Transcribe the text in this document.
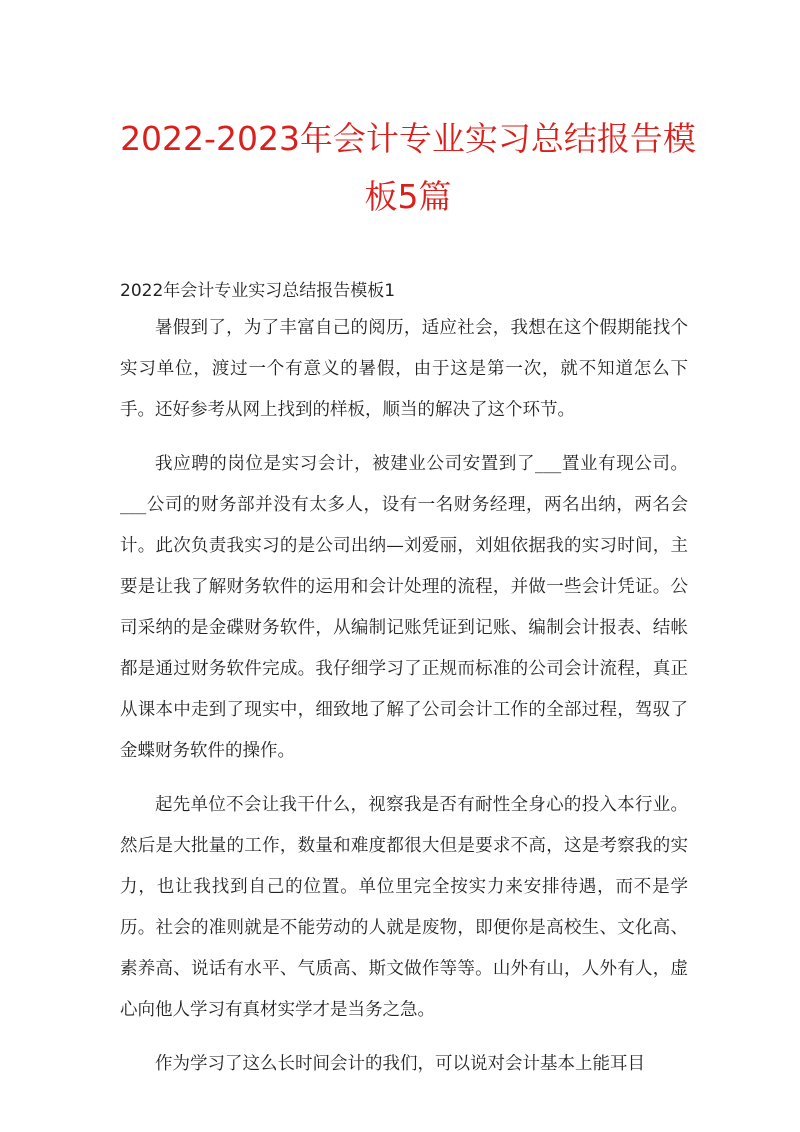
2022-2023年会计专业实习总结报告模板5篇
2022年会计专业实习总结报告模板1

暑假到了，为了丰富自己的阅历，适应社会，我想在这个假期能找个实习单位，渡过一个有意义的暑假，由于这是第一次，就不知道怎么下手。还好参考从网上找到的样板，顺当的解决了这个环节。

我应聘的岗位是实习会计，被建业公司安置到了___置业有现公司。___公司的财务部并没有太多人，设有一名财务经理，两名出纳，两名会计。此次负责我实习的是公司出纳—刘爱丽，刘姐依据我的实习时间，主要是让我了解财务软件的运用和会计处理的流程，并做一些会计凭证。公司采纳的是金碟财务软件，从编制记账凭证到记账、编制会计报表、结帐都是通过财务软件完成。我仔细学习了正规而标准的公司会计流程，真正从课本中走到了现实中，细致地了解了公司会计工作的全部过程，驾驭了金蝶财务软件的操作。

起先单位不会让我干什么，视察我是否有耐性全身心的投入本行业。然后是大批量的工作，数量和难度都很大但是要求不高，这是考察我的实力，也让我找到自己的位置。单位里完全按实力来安排待遇，而不是学历。社会的准则就是不能劳动的人就是废物，即便你是高校生、文化高、素养高、说话有水平、气质高、斯文做作等等。山外有山，人外有人，虚心向他人学习有真材实学才是当务之急。

作为学习了这么长时间会计的我们，可以说对会计基本上能耳目
